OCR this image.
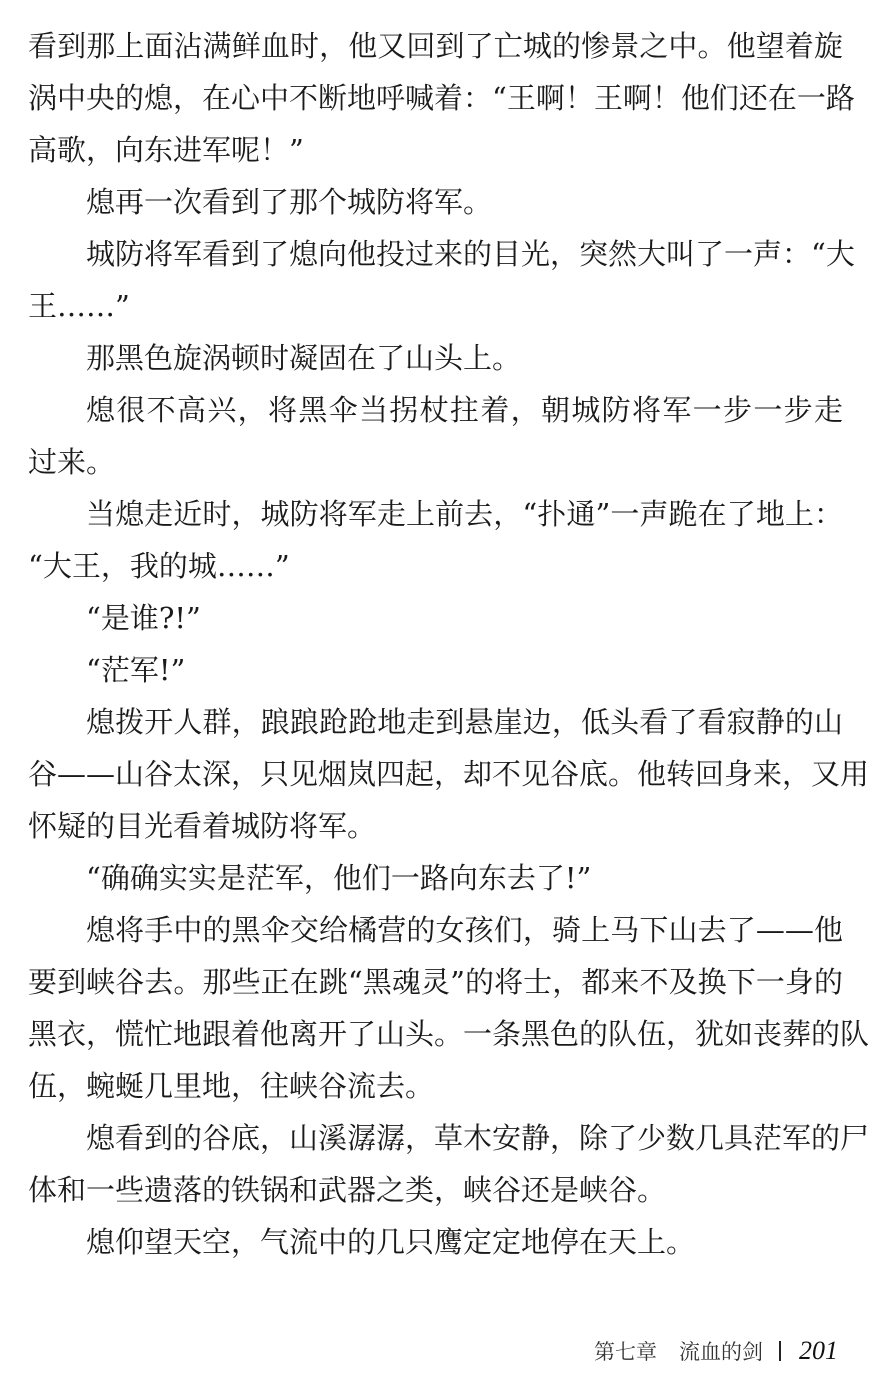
看到那上面沾满鲜血时，他又回到了亡城的惨景之中。他望着旋
涡中央的熄，在心中不断地呼喊着：“王啊！王啊！他们还在一路
高歌，向东进军呢！”
熄再一次看到了那个城防将军。
城防将军看到了熄向他投过来的目光，突然大叫了一声：“大
王……”
那黑色旋涡顿时凝固在了山头上。
熄很不高兴，将黑伞当拐杖拄着，朝城防将军一步一步走
过来。
当熄走近时，城防将军走上前去，“扑通”一声跪在了地上：
“大王，我的城……”
“是谁?!”
“茫军!”
熄拨开人群，踉踉跄跄地走到悬崖边，低头看了看寂静的山
谷——山谷太深，只见烟岚四起，却不见谷底。他转回身来，又用
怀疑的目光看着城防将军。
“确确实实是茫军，他们一路向东去了!”
熄将手中的黑伞交给橘营的女孩们，骑上马下山去了——他
要到峡谷去。那些正在跳“黑魂灵”的将士，都来不及换下一身的
黑衣，慌忙地跟着他离开了山头。一条黑色的队伍，犹如丧葬的队
伍，蜿蜒几里地，往峡谷流去。
熄看到的谷底，山溪潺潺，草木安静，除了少数几具茫军的尸
体和一些遗落的铁锅和武器之类，峡谷还是峡谷。
熄仰望天空，气流中的几只鹰定定地停在天上。
第七章 流血的剑 201
